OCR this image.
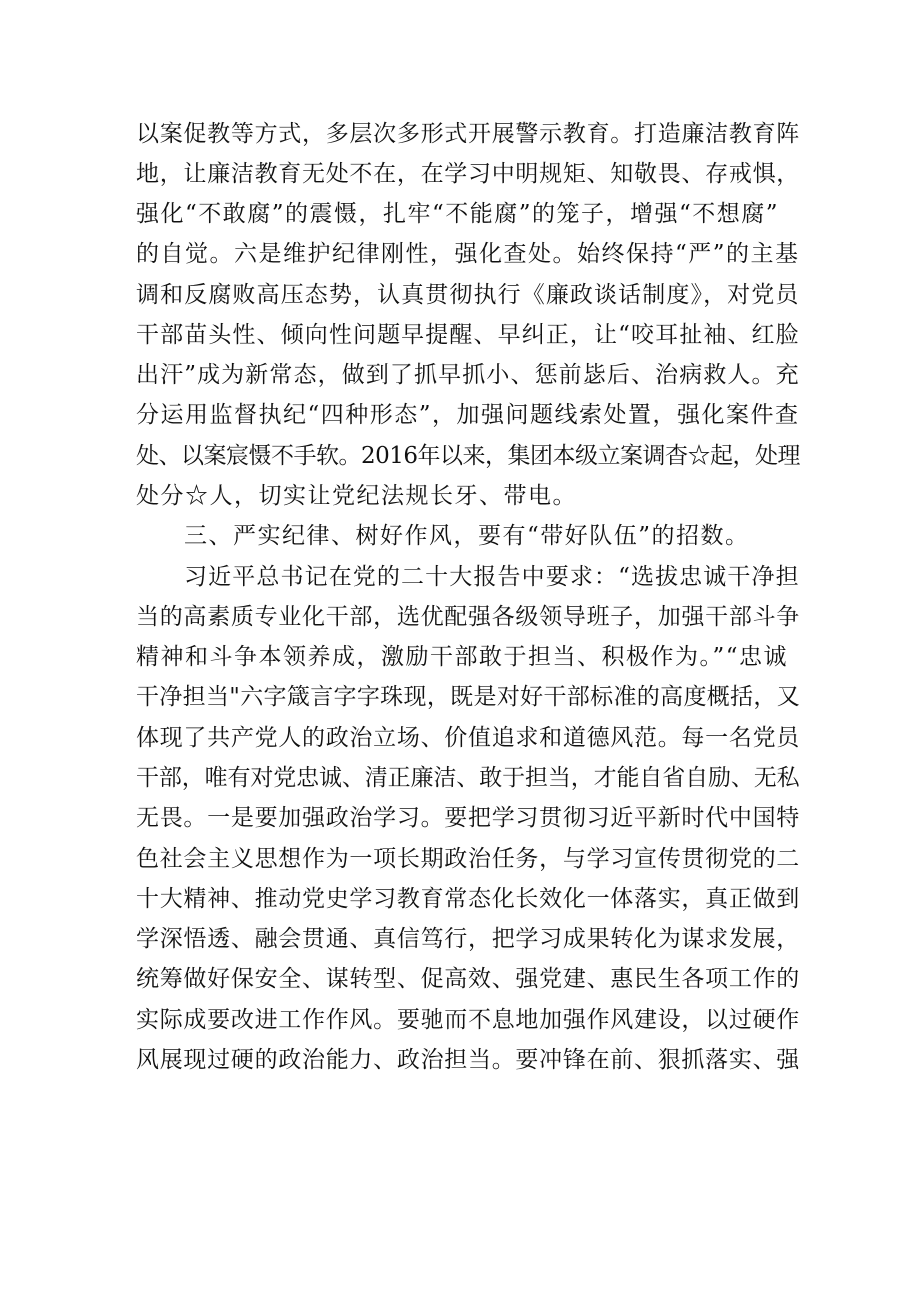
以案促教等方式，多层次多形式开展警示教育。打造廉洁教育阵
地，让廉洁教育无处不在，在学习中明规矩、知敬畏、存戒惧，
强化“不敢腐”的震慑，扎牢“不能腐”的笼子，增强“不想腐”
的自觉。六是维护纪律刚性，强化查处。始终保持“严”的主基
调和反腐败高压态势，认真贯彻执行《廉政谈话制度》，对党员
干部苗头性、倾向性问题早提醒、早纠正，让“咬耳扯袖、红脸
出汗”成为新常态，做到了抓早抓小、惩前毖后、治病救人。充
分运用监督执纪“四种形态”，加强问题线索处置，强化案件查
处、以案宸慑不手软。2016年以来，集团本级立案调杳☆起，处理
处分☆人，切实让党纪法规长牙、带电。
三、严实纪律、树好作风，要有“带好队伍”的招数。
习近平总书记在党的二十大报告中要求：“选拔忠诚干净担
当的高素质专业化干部，选优配强各级领导班子，加强干部斗争
精神和斗争本领养成，激励干部敢于担当、积极作为。”“忠诚
干净担当"六字箴言字字珠现，既是对好干部标准的高度概括，又
体现了共产党人的政治立场、价值追求和道德风范。每一名党员
干部，唯有对党忠诚、清正廉洁、敢于担当，才能自省自励、无私
无畏。一是要加强政治学习。要把学习贯彻习近平新时代中国特
色社会主义思想作为一项长期政治任务，与学习宣传贯彻党的二
十大精神、推动党史学习教育常态化长效化一体落实，真正做到
学深悟透、融会贯通、真信笃行，把学习成果转化为谋求发展，
统筹做好保安全、谋转型、促高效、强党建、惠民生各项工作的
实际成要改进工作作风。要驰而不息地加强作风建设，以过硬作
风展现过硬的政治能力、政治担当。要冲锋在前、狠抓落实、强
